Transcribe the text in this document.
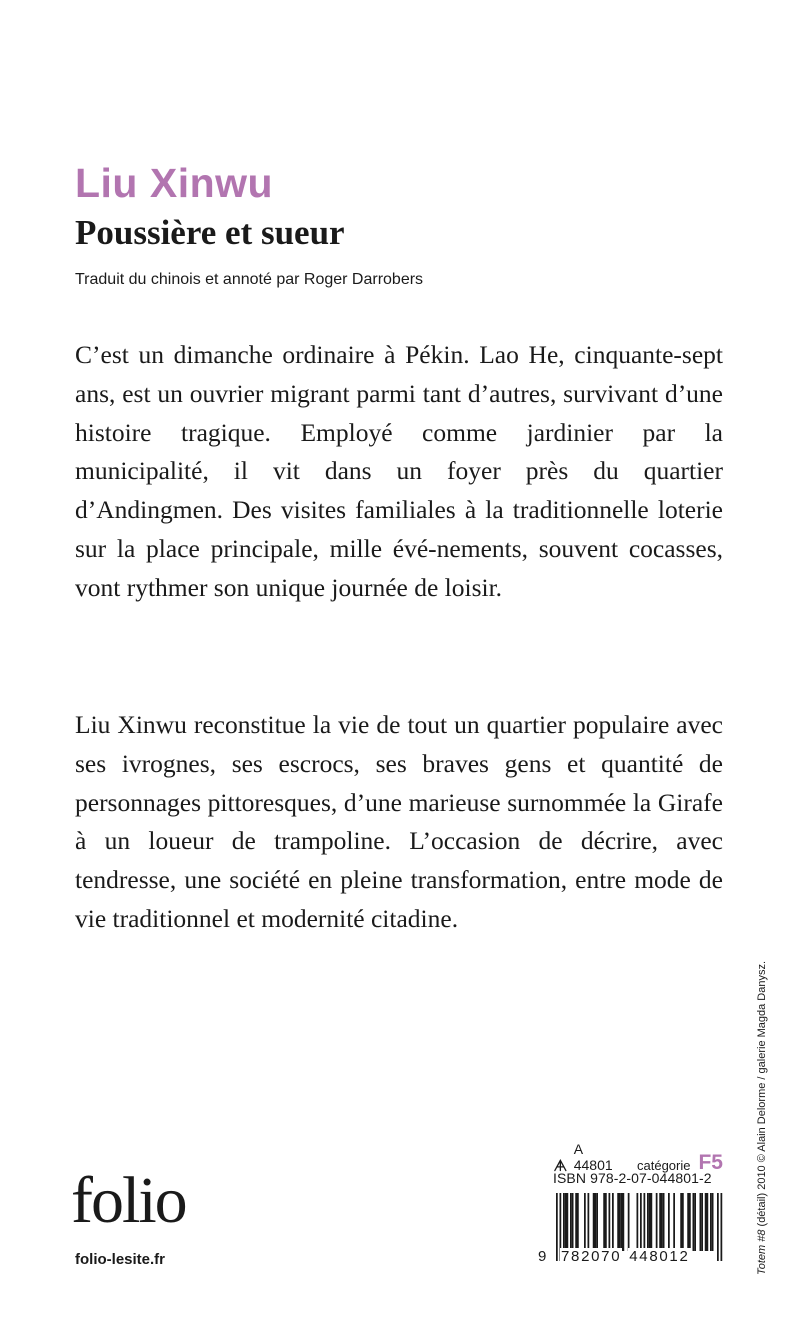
Liu Xinwu
Poussière et sueur

Traduit du chinois et annoté par Roger Darrobers

C’est un dimanche ordinaire à Pékin. Lao He, cinquante-sept ans, est un ouvrier migrant parmi tant d’autres, survivant d’une histoire tragique. Employé comme jardinier par la municipalité, il vit dans un foyer près du quartier d’Andingmen. Des visites familiales à la traditionnelle loterie sur la place principale, mille évé-nements, souvent cocasses, vont rythmer son unique journée de loisir.

Liu Xinwu reconstitue la vie de tout un quartier populaire avec ses ivrognes, ses escrocs, ses braves gens et quantité de personnages pittoresques, d’une marieuse surnommée la Girafe à un loueur de trampoline. L’occasion de décrire, avec tendresse, une société en pleine transformation, entre mode de vie traditionnel et modernité citadine.

folio
folio-lesite.fr
A 44801	catégorie F5
ISBN 978-2-07-044801-2
9 782070 448012	Totem #8 (détail) 2010 © Alain Delorme / galerie Magda Danysz.
